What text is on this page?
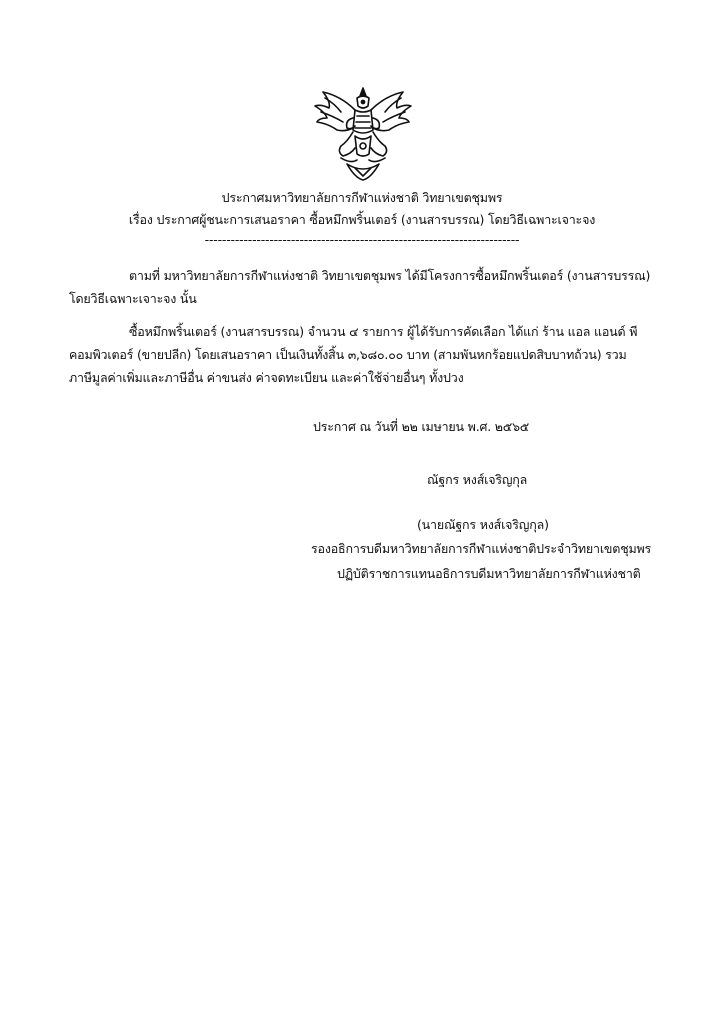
ประกาศมหาวิทยาลัยการกีฬาแห่งชาติ วิทยาเขตชุมพร
เรื่อง ประกาศผู้ชนะการเสนอราคา ซื้อหมึกพริ้นเตอร์ (งานสารบรรณ) โดยวิธีเฉพาะเจาะจง
-------------------------------------------------------------------------
ตามที่ มหาวิทยาลัยการกีฬาแห่งชาติ วิทยาเขตชุมพร ได้มีโครงการซื้อหมึกพริ้นเตอร์ (งานสารบรรณ)
โดยวิธีเฉพาะเจาะจง นั้น
ซื้อหมึกพริ้นเตอร์ (งานสารบรรณ) จำนวน ๔ รายการ ผู้ได้รับการคัดเลือก ได้แก่ ร้าน แอล แอนด์ พี
คอมพิวเตอร์ (ขายปลีก) โดยเสนอราคา เป็นเงินทั้งสิ้น ๓,๖๘๐.๐๐ บาท (สามพันหกร้อยแปดสิบบาทถ้วน) รวม
ภาษีมูลค่าเพิ่มและภาษีอื่น ค่าขนส่ง ค่าจดทะเบียน และค่าใช้จ่ายอื่นๆ ทั้งปวง
ประกาศ ณ วันที่ ๒๒ เมษายน พ.ศ. ๒๕๖๕
ณัฐกร หงส์เจริญกุล
(นายณัฐกร หงส์เจริญกุล)
รองอธิการบดีมหาวิทยาลัยการกีฬาแห่งชาติประจำวิทยาเขตชุมพร
ปฏิบัติราชการแทนอธิการบดีมหาวิทยาลัยการกีฬาแห่งชาติ
